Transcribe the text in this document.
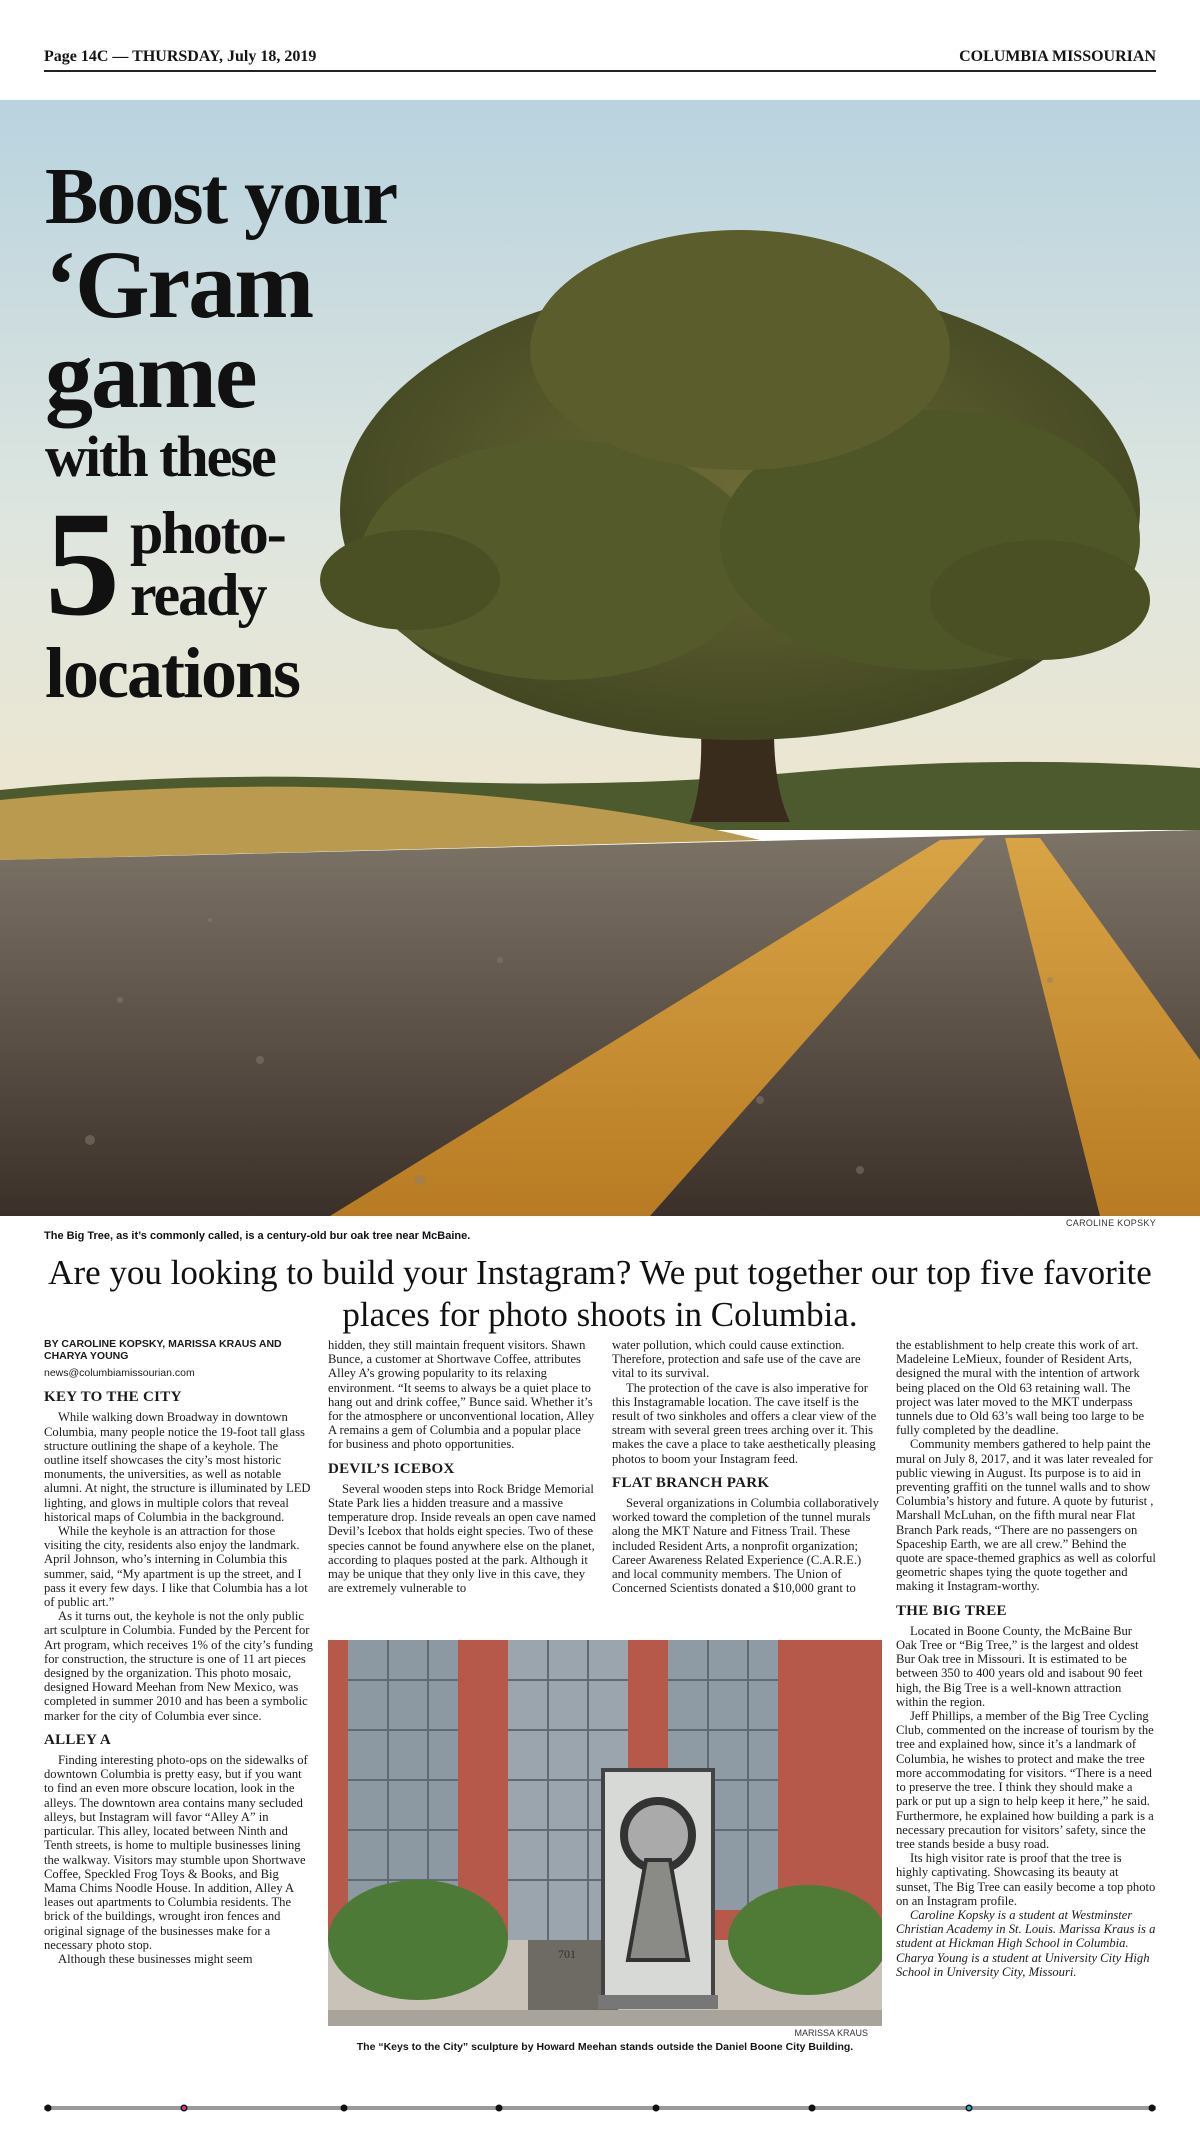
Page 14C — THURSDAY, July 18, 2019	COLUMBIA MISSOURIAN
Boost your
‘Gram
game
with these
5 photo-
ready
locations
CAROLINE KOPSKY
The Big Tree, as it’s commonly called, is a century-old bur oak tree near McBaine.
Are you looking to build your Instagram? We put together our top five favorite places for photo shoots in Columbia.
BY CAROLINE KOPSKY, MARISSA KRAUS AND CHARYA YOUNG
news@columbiamissourian.com
KEY TO THE CITY

While walking down Broadway in downtown Columbia, many people notice the 19-foot tall glass structure outlining the shape of a keyhole. The outline itself showcases the city’s most historic monuments, the universities, as well as notable alumni. At night, the structure is illuminated by LED lighting, and glows in multiple colors that reveal historical maps of Columbia in the background.

While the keyhole is an attraction for those visiting the city, residents also enjoy the landmark. April Johnson, who’s interning in Columbia this summer, said, “My apartment is up the street, and I pass it every few days. I like that Columbia has a lot of public art.”

As it turns out, the keyhole is not the only public art sculpture in Columbia. Funded by the Percent for Art program, which receives 1% of the city’s funding for construction, the structure is one of 11 art pieces designed by the organization. This photo mosaic, designed Howard Meehan from New Mexico, was completed in summer 2010 and has been a symbolic marker for the city of Columbia ever since.

ALLEY A

Finding interesting photo-ops on the sidewalks of downtown Columbia is pretty easy, but if you want to find an even more obscure location, look in the alleys. The downtown area contains many secluded alleys, but Instagram will favor “Alley A” in particular. This alley, located between Ninth and Tenth streets, is home to multiple businesses lining the walkway. Visitors may stumble upon Shortwave Coffee, Speckled Frog Toys & Books, and Big Mama Chims Noodle House. In addition, Alley A leases out apartments to Columbia residents. The brick of the buildings, wrought iron fences and original signage of the businesses make for a necessary photo stop.

Although these businesses might seem

hidden, they still maintain frequent visitors. Shawn Bunce, a customer at Shortwave Coffee, attributes Alley A’s growing popularity to its relaxing environment. “It seems to always be a quiet place to hang out and drink coffee,” Bunce said. Whether it’s for the atmosphere or unconventional location, Alley A remains a gem of Columbia and a popular place for business and photo opportunities.

DEVIL’S ICEBOX

Several wooden steps into Rock Bridge Memorial State Park lies a hidden treasure and a massive temperature drop. Inside reveals an open cave named Devil’s Icebox that holds eight species. Two of these species cannot be found anywhere else on the planet, according to plaques posted at the park. Although it may be unique that they only live in this cave, they are extremely vulnerable to

water pollution, which could cause extinction. Therefore, protection and safe use of the cave are vital to its survival.

The protection of the cave is also imperative for this Instagramable location. The cave itself is the result of two sinkholes and offers a clear view of the stream with several green trees arching over it. This makes the cave a place to take aesthetically pleasing photos to boom your Instagram feed.

FLAT BRANCH PARK

Several organizations in Columbia collaboratively worked toward the completion of the tunnel murals along the MKT Nature and Fitness Trail. These included Resident Arts, a nonprofit organization; Career Awareness Related Experience (C.A.R.E.) and local community members. The Union of Concerned Scientists donated a $10,000 grant to

the establishment to help create this work of art. Madeleine LeMieux, founder of Resident Arts, designed the mural with the intention of artwork being placed on the Old 63 retaining wall. The project was later moved to the MKT underpass tunnels due to Old 63’s wall being too large to be fully completed by the deadline.

Community members gathered to help paint the mural on July 8, 2017, and it was later revealed for public viewing in August. Its purpose is to aid in preventing graffiti on the tunnel walls and to show Columbia’s history and future. A quote by futurist , Marshall McLuhan, on the fifth mural near Flat Branch Park reads, “There are no passengers on Spaceship Earth, we are all crew.” Behind the quote are space-themed graphics as well as colorful geometric shapes tying the quote together and making it Instagram-worthy.

THE BIG TREE

Located in Boone County, the McBaine Bur Oak Tree or “Big Tree,” is the largest and oldest Bur Oak tree in Missouri. It is estimated to be between 350 to 400 years old and isabout 90 feet high, the Big Tree is a well-known attraction within the region.

Jeff Phillips, a member of the Big Tree Cycling Club, commented on the increase of tourism by the tree and explained how, since it’s a landmark of Columbia, he wishes to protect and make the tree more accommodating for visitors. “There is a need to preserve the tree. I think they should make a park or put up a sign to help keep it here,” he said. Furthermore, he explained how building a park is a necessary precaution for visitors’ safety, since the tree stands beside a busy road.

Its high visitor rate is proof that the tree is highly captivating. Showcasing its beauty at sunset, The Big Tree can easily become a top photo on an Instagram profile.

Caroline Kopsky is a student at Westminster Christian Academy in St. Louis. Marissa Kraus is a student at Hickman High School in Columbia. Charya Young is a student at University City High School in University City, Missouri.

701
MARISSA KRAUS
The “Keys to the City” sculpture by Howard Meehan stands outside the Daniel Boone City Building.
